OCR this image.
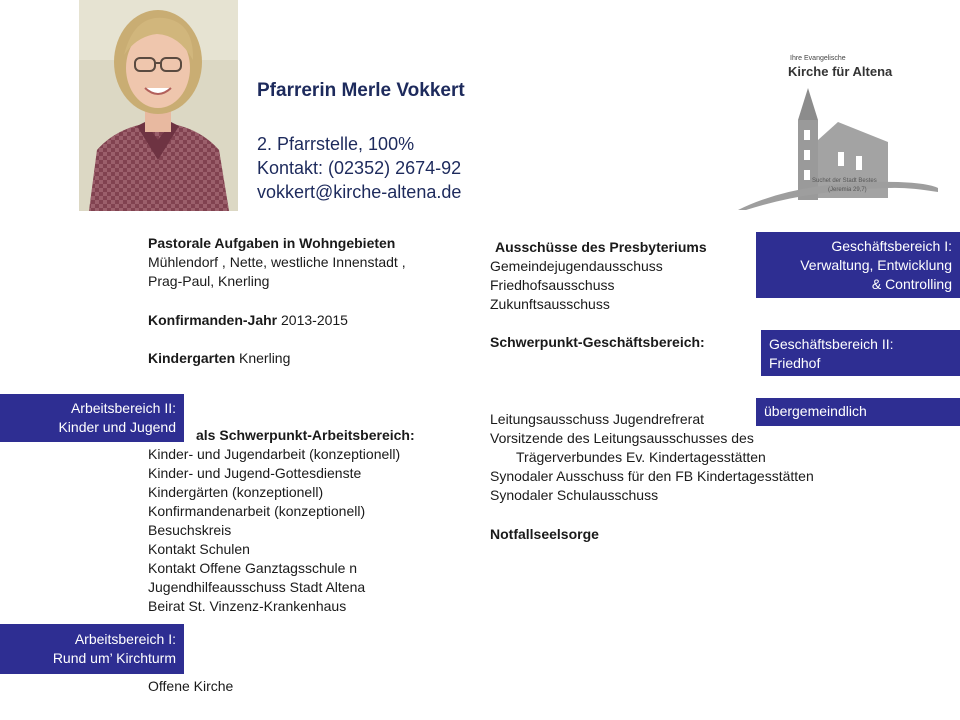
Pfarrerin Merle Vokkert
2. Pfarrstelle, 100%
Kontakt: (02352) 2674-92
vokkert@kirche-altena.de
Ihre Evangelische
Kirche für Altena
Suchet der Stadt Bestes
(Jeremia 29,7)
Pastorale Aufgaben in Wohngebieten
Mühlendorf , Nette, westliche Innenstadt ,
Prag-Paul, Knerling
Konfirmanden-Jahr 2013-2015
Kindergarten Knerling
als Schwerpunkt-Arbeitsbereich:
Kinder- und Jugendarbeit (konzeptionell)
Kinder- und Jugend-Gottesdienste
Kindergärten (konzeptionell)
Konfirmandenarbeit (konzeptionell)
Besuchskreis
Kontakt Schulen
Kontakt Offene Ganztagsschule n
Jugendhilfeausschuss Stadt Altena
Beirat St. Vinzenz-Krankenhaus
Offene Kirche
Ausschüsse des Presbyteriums
Gemeindejugendausschuss
Friedhofsausschuss
Zukunftsausschuss
Schwerpunkt-Geschäftsbereich:
Leitungsausschuss Jugendrefrerat
Vorsitzende des Leitungsausschusses des
Trägerverbundes Ev. Kindertagesstätten
Synodaler Ausschuss für den FB Kindertagesstätten
Synodaler Schulausschuss
Notfallseelsorge
Geschäftsbereich I:
Verwaltung, Entwicklung
& Controlling
Geschäftsbereich II:
Friedhof
übergemeindlich
Arbeitsbereich II:
Kinder und Jugend
Arbeitsbereich I:
Rund um’ Kirchturm
